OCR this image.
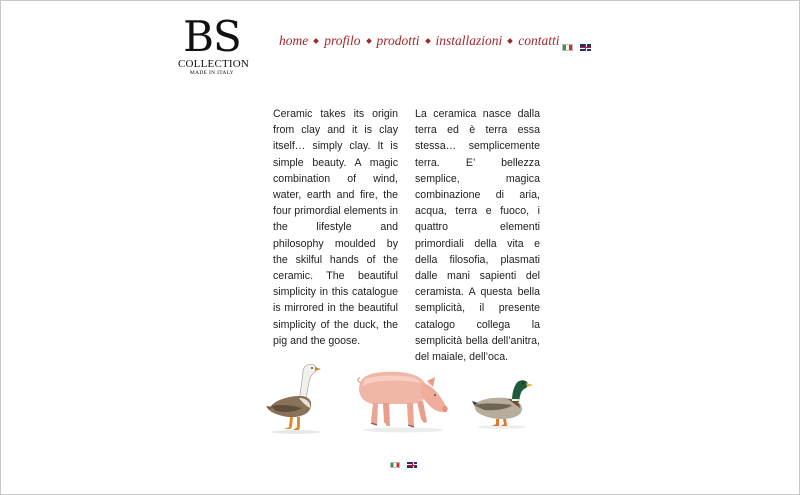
BS
COLLECTION
MADE IN ITALY
home profilo prodotti installazioni contatti

Ceramic takes its origin from clay and it is clay itself… simply clay. It is simple beauty. A magic combination of wind, water, earth and fire, the four primordial elements in the lifestyle and philosophy moulded by the skilful hands of the ceramic. The beautiful simplicity in this catalogue is mirrored in the beautiful simplicity of the duck, the pig and the goose.
La ceramica nasce dalla terra ed è terra essa stessa… semplicemente terra. E’ bellezza semplice, magica combinazione di aria, acqua, terra e fuoco, i quattro elementi primordiali della vita e della filosofia, plasmati dalle mani sapienti del ceramista. A questa bella semplicità, il presente catalogo collega la semplicità bella dell’anitra, del maiale, dell’oca.
